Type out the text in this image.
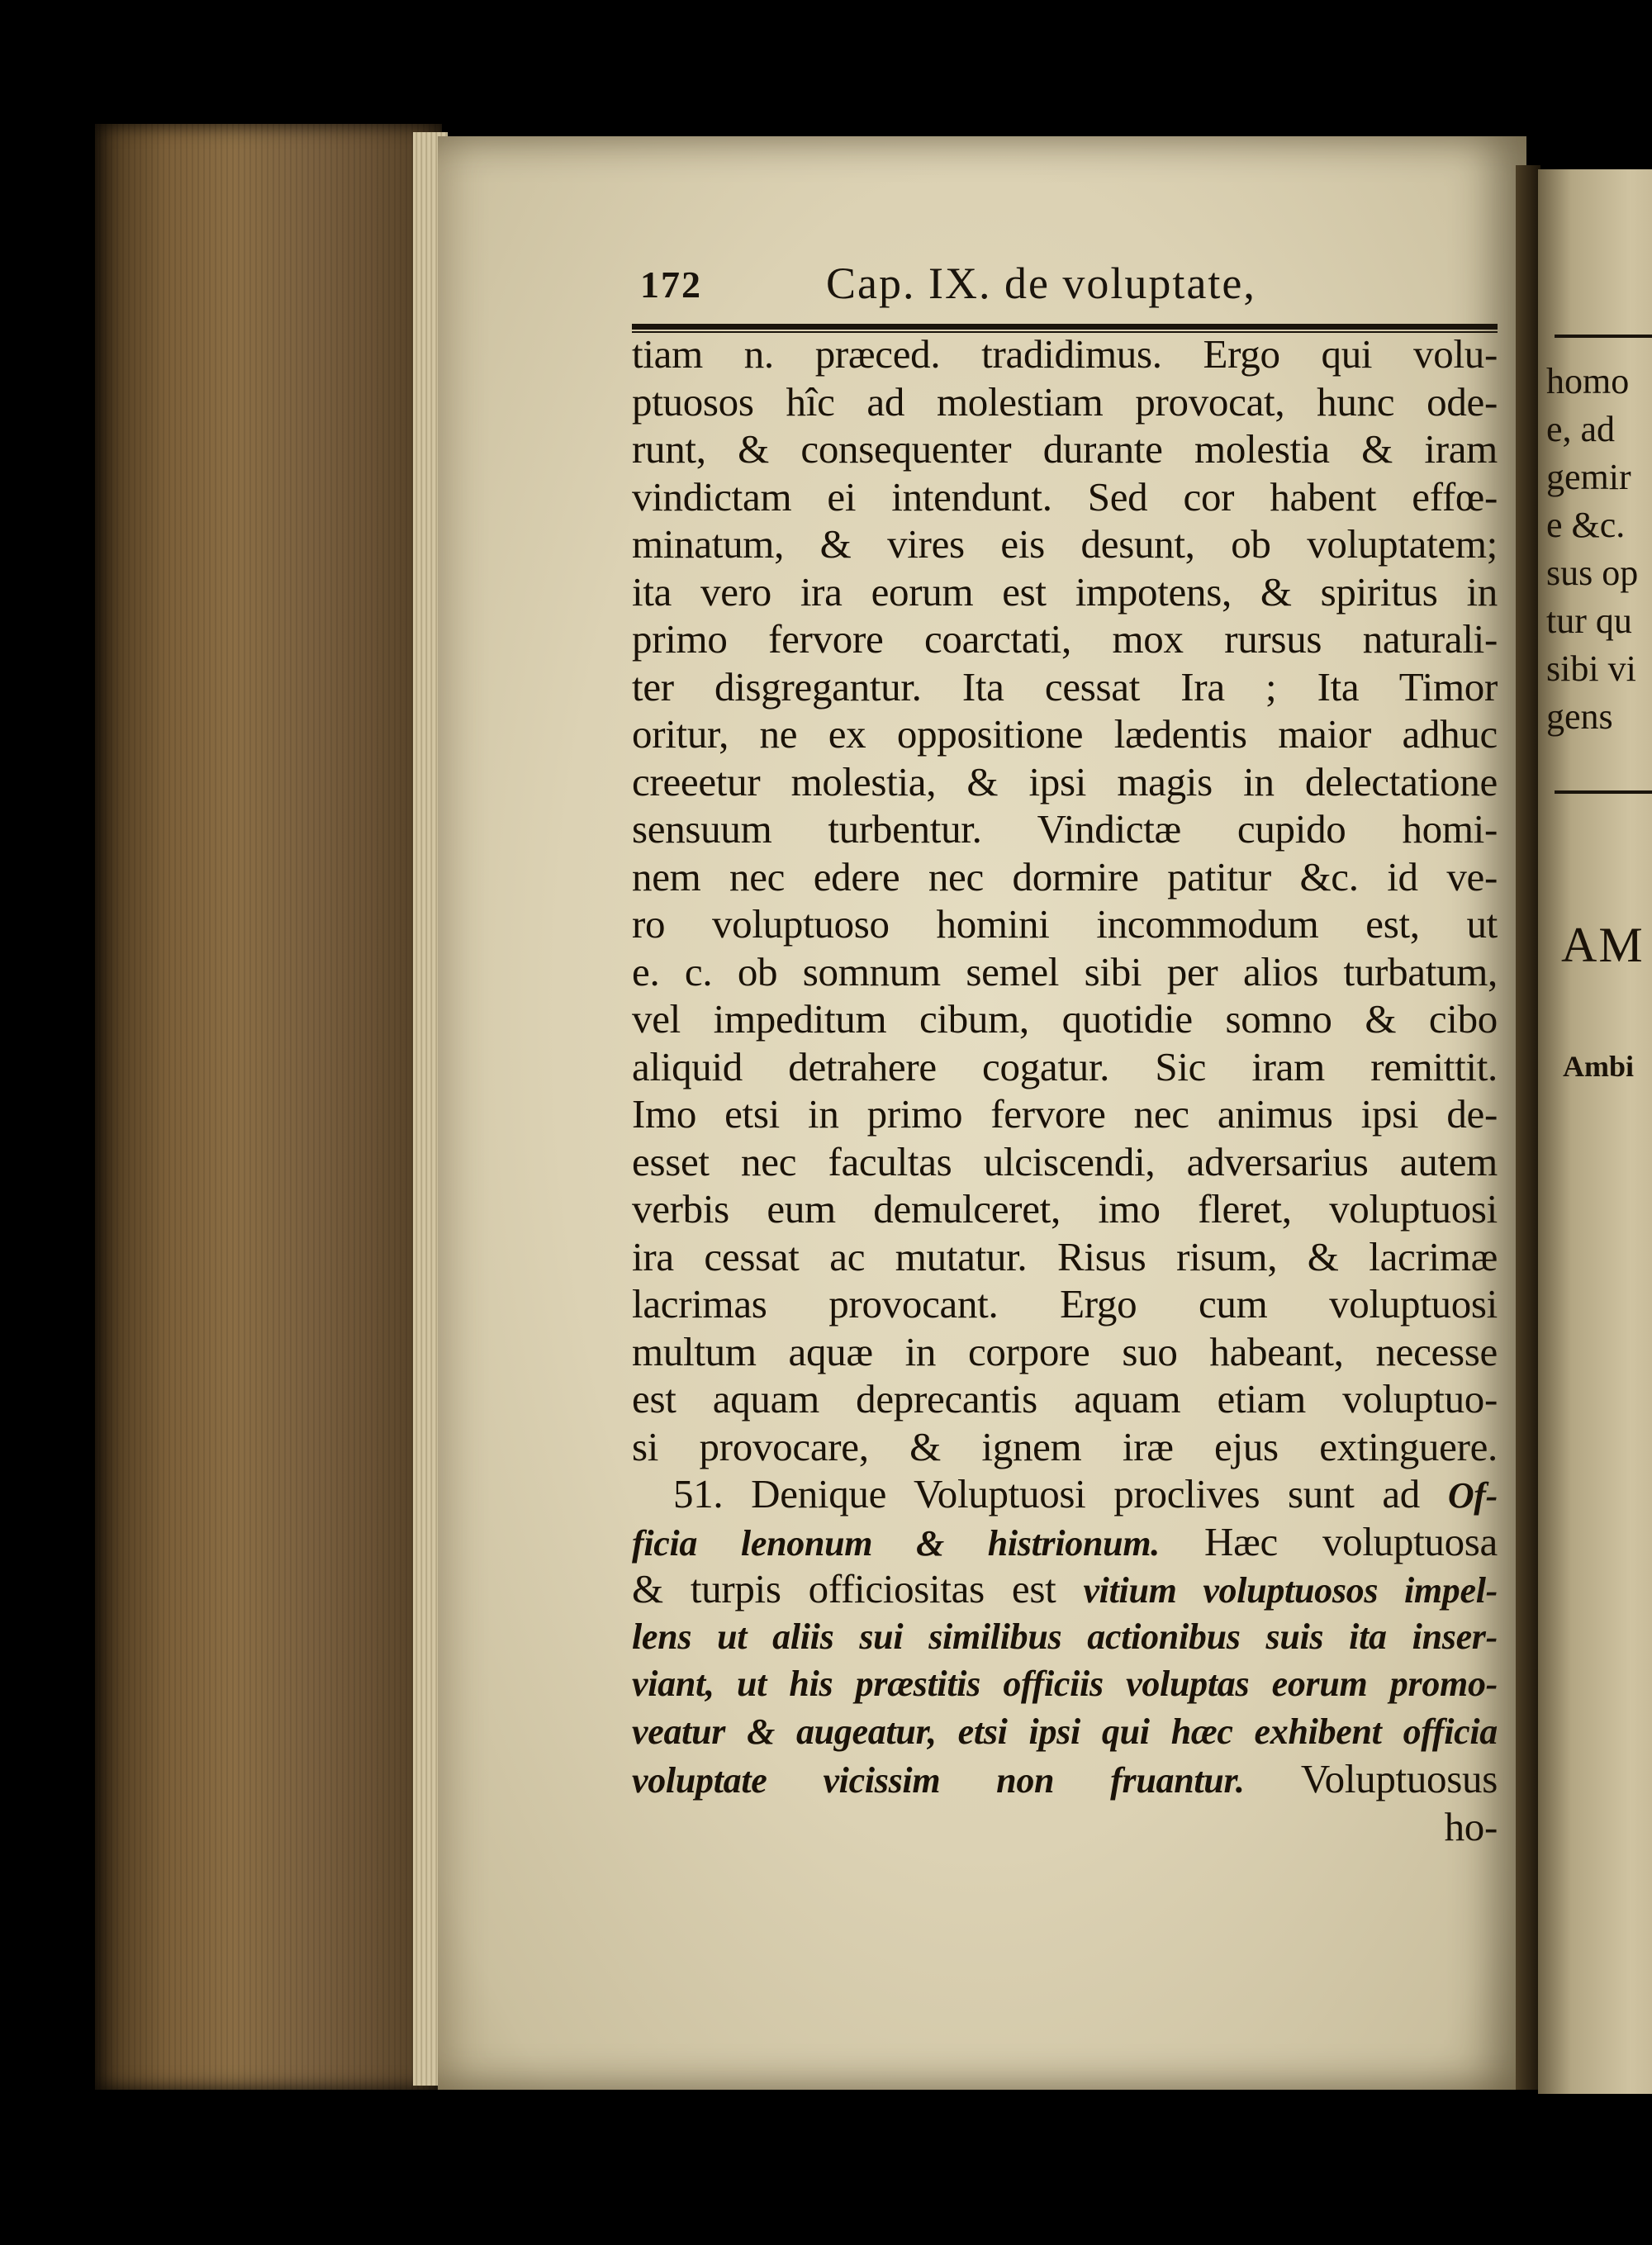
172	Cap. IX. de voluptate,
tiam n. præced. tradidimus. Ergo qui volu-
ptuosos hîc ad molestiam provocat, hunc ode-
runt, & consequenter durante molestia & iram
vindictam ei intendunt. Sed cor habent effœ-
minatum, & vires eis desunt, ob voluptatem;
ita vero ira eorum est impotens, & spiritus in
primo fervore coarctati, mox rursus naturali-
ter disgregantur. Ita cessat Ira ; Ita Timor
oritur, ne ex oppositione lædentis maior adhuc
creeetur molestia, & ipsi magis in delectatione
sensuum turbentur. Vindictæ cupido homi-
nem nec edere nec dormire patitur &c. id ve-
ro voluptuoso homini incommodum est, ut
e. c. ob somnum semel sibi per alios turbatum,
vel impeditum cibum, quotidie somno & cibo
aliquid detrahere cogatur. Sic iram remittit.
Imo etsi in primo fervore nec animus ipsi de-
esset nec facultas ulciscendi, adversarius autem
verbis eum demulceret, imo fleret, voluptuosi
ira cessat ac mutatur. Risus risum, & lacrimæ
lacrimas provocant. Ergo cum voluptuosi
multum aquæ in corpore suo habeant, necesse
est aquam deprecantis aquam etiam voluptuo-
si provocare, & ignem iræ ejus extinguere.
51. Denique Voluptuosi proclives sunt ad Of-
ficia lenonum & histrionum. Hæc voluptuosa
& turpis officiositas est vitium voluptuosos impel-
lens ut aliis sui similibus actionibus suis ita inser-
viant, ut his præstitis officiis voluptas eorum promo-
veatur & augeatur, etsi ipsi qui hæc exhibent officia
voluptate vicissim non fruantur. Voluptuosus
ho-
homo
e, ad
gemir
e &c.
sus op
tur qu
sibi vi
gens
AM
Ambi
